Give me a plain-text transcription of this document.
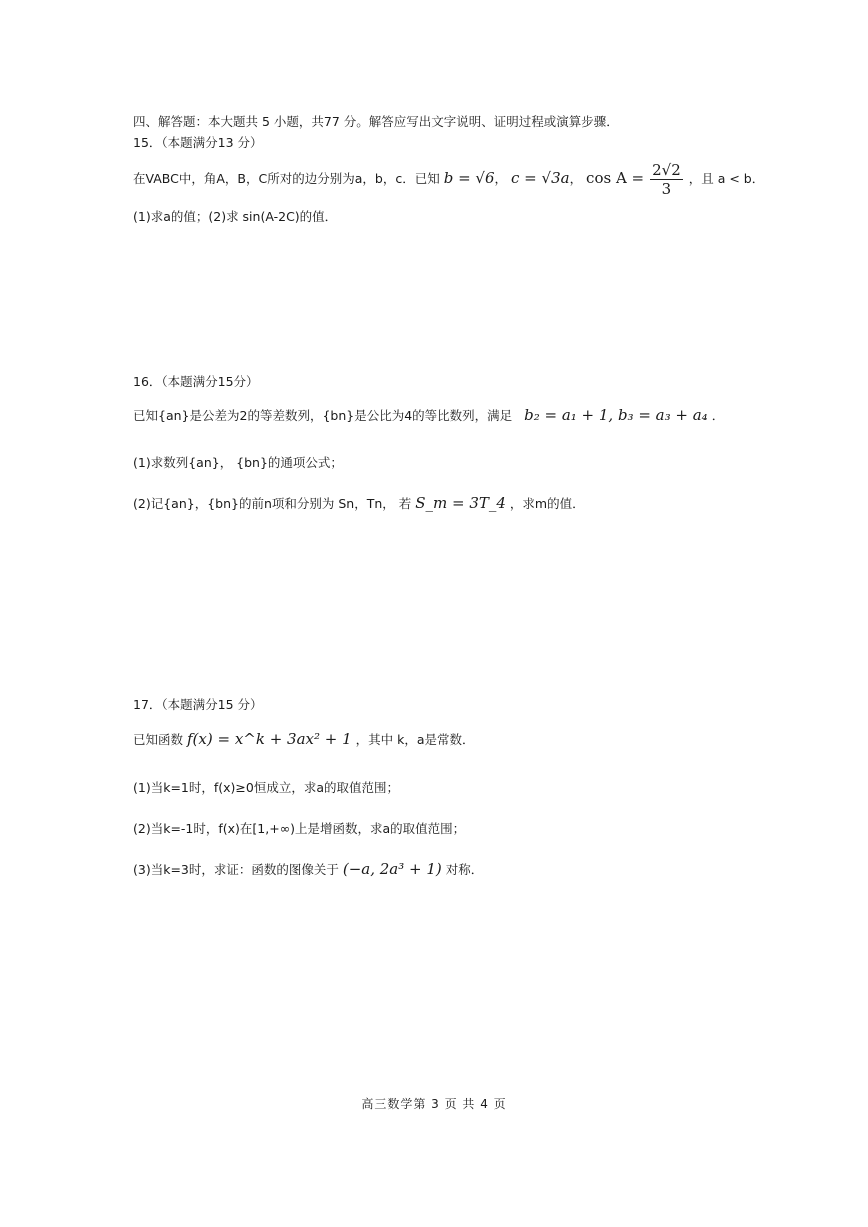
四、解答题：本大题共 5 小题，共77 分。解答应写出文字说明、证明过程或演算步骤．
15．（本题满分13 分）
在VABC中，角A，B，C所对的边分别为a，b，c．已知 b = √6， c = √3a， $\cos A = \frac{2√2}{3}$ ，且 a < b．
(1)求a的值；(2)求 sin(A-2C)的值．
16．（本题满分15分）
已知{an}是公差为2的等差数列，{bn}是公比为4的等比数列，满足 b₂ = a₁ + 1, b₃ = a₃ + a₄ ．
(1)求数列{an}， {bn}的通项公式；
(2)记{an}，{bn}的前n项和分别为 Sn，Tn， 若 S_m = 3T_4 ，求m的值．
17．（本题满分15 分）
已知函数 f(x) = x^k + 3ax² + 1 ，其中 k，a是常数．
(1)当k=1时，f(x)≥0恒成立，求a的取值范围；
(2)当k=-1时，f(x)在[1,+∞)上是增函数，求a的取值范围；
(3)当k=3时，求证：函数的图像关于 (−a, 2a³ + 1) 对称．
高三数学第 3 页 共 4 页
